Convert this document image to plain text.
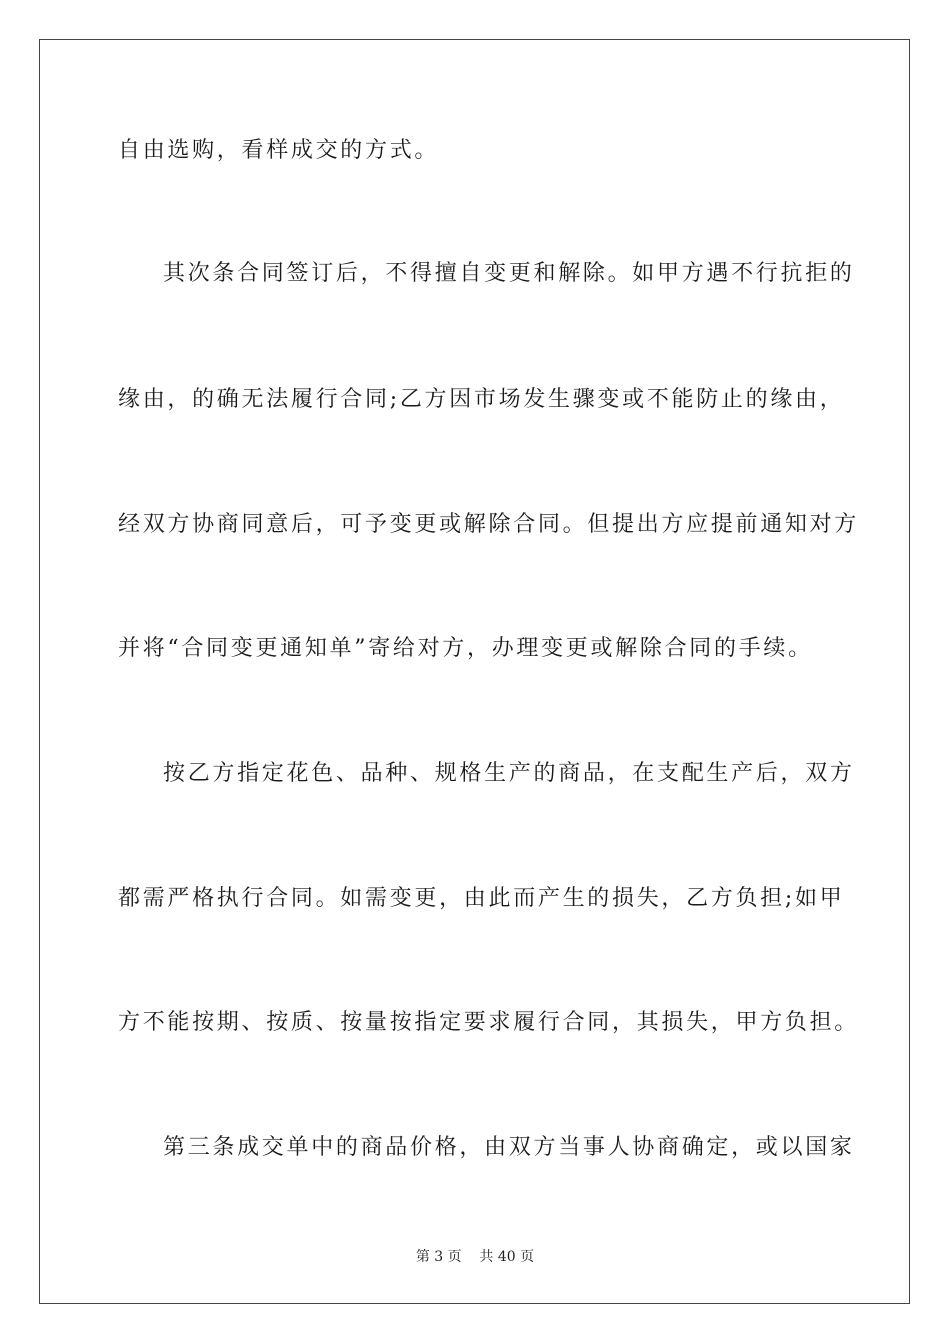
自由选购，看样成交的方式。
其次条合同签订后，不得擅自变更和解除。如甲方遇不行抗拒的
缘由，的确无法履行合同;乙方因市场发生骤变或不能防止的缘由，
经双方协商同意后，可予变更或解除合同。但提出方应提前通知对方
并将“合同变更通知单”寄给对方，办理变更或解除合同的手续。
按乙方指定花色、品种、规格生产的商品，在支配生产后，双方
都需严格执行合同。如需变更，由此而产生的损失，乙方负担;如甲
方不能按期、按质、按量按指定要求履行合同，其损失，甲方负担。
第三条成交单中的商品价格，由双方当事人协商确定，或以国家
第 3 页    共 40 页
